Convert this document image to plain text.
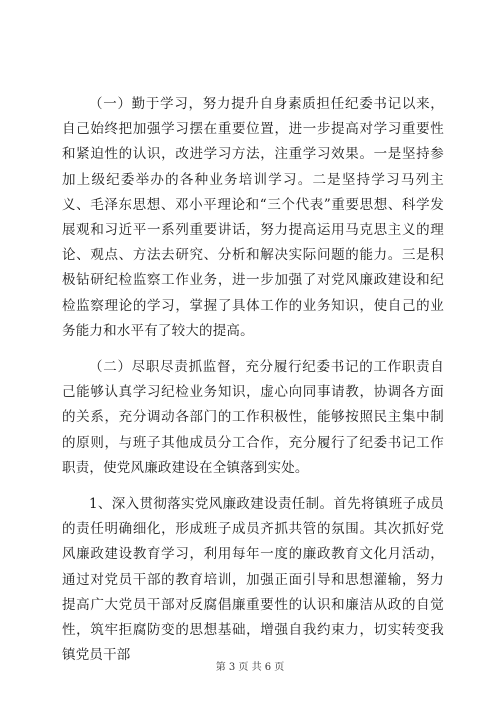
（一）勤于学习，努力提升自身素质担任纪委书记以来，自己始终把加强学习摆在重要位置，进一步提高对学习重要性和紧迫性的认识，改进学习方法，注重学习效果。一是坚持参加上级纪委举办的各种业务培训学习。二是坚持学习马列主义、毛泽东思想、邓小平理论和“三个代表”重要思想、科学发展观和习近平一系列重要讲话，努力提高运用马克思主义的理论、观点、方法去研究、分析和解决实际问题的能力。三是积极钻研纪检监察工作业务，进一步加强了对党风廉政建设和纪检监察理论的学习，掌握了具体工作的业务知识，使自己的业务能力和水平有了较大的提高。

（二）尽职尽责抓监督，充分履行纪委书记的工作职责自己能够认真学习纪检业务知识，虚心向同事请教，协调各方面的关系，充分调动各部门的工作积极性，能够按照民主集中制的原则，与班子其他成员分工合作，充分履行了纪委书记工作职责，使党风廉政建设在全镇落到实处。

1、深入贯彻落实党风廉政建设责任制。首先将镇班子成员的责任明确细化，形成班子成员齐抓共管的氛围。其次抓好党风廉政建设教育学习，利用每年一度的廉政教育文化月活动，通过对党员干部的教育培训，加强正面引导和思想灌输，努力提高广大党员干部对反腐倡廉重要性的认识和廉洁从政的自觉性，筑牢拒腐防变的思想基础，增强自我约束力，切实转变我镇党员干部

第 3 页 共 6 页
